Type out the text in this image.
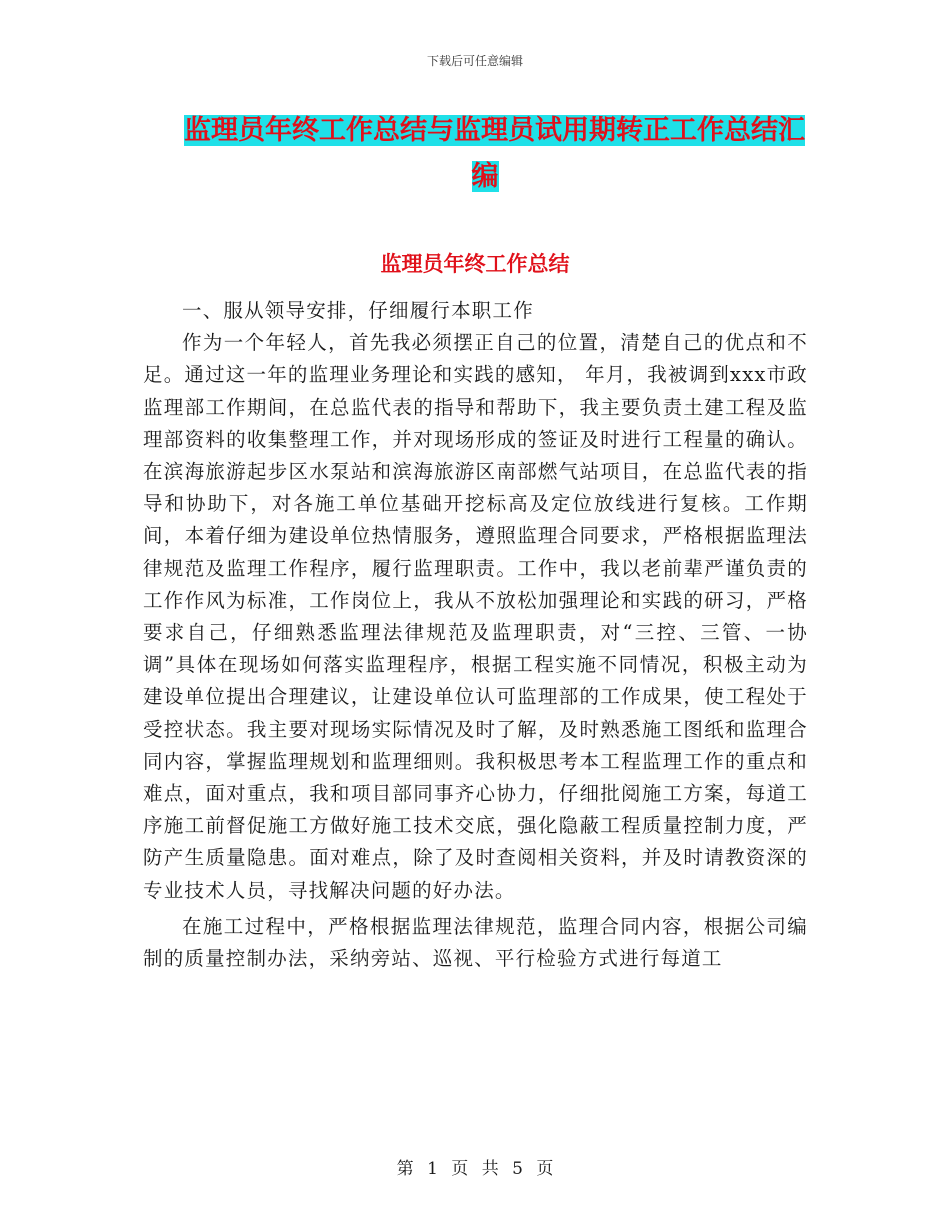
下载后可任意编辑
监理员年终工作总结与监理员试用期转正工作总结汇
编
监理员年终工作总结

一、服从领导安排，仔细履行本职工作

作为一个年轻人，首先我必须摆正自己的位置，清楚自己的优点和不足。通过这一年的监理业务理论和实践的感知， 年月，我被调到xxx市政监理部工作期间，在总监代表的指导和帮助下，我主要负责土建工程及监理部资料的收集整理工作，并对现场形成的签证及时进行工程量的确认。在滨海旅游起步区水泵站和滨海旅游区南部燃气站项目，在总监代表的指导和协助下，对各施工单位基础开挖标高及定位放线进行复核。工作期间，本着仔细为建设单位热情服务，遵照监理合同要求，严格根据监理法律规范及监理工作程序，履行监理职责。工作中，我以老前辈严谨负责的工作作风为标准，工作岗位上，我从不放松加强理论和实践的研习，严格要求自己，仔细熟悉监理法律规范及监理职责，对“三控、三管、一协调”具体在现场如何落实监理程序，根据工程实施不同情况，积极主动为建设单位提出合理建议，让建设单位认可监理部的工作成果，使工程处于受控状态。我主要对现场实际情况及时了解，及时熟悉施工图纸和监理合同内容，掌握监理规划和监理细则。我积极思考本工程监理工作的重点和难点，面对重点，我和项目部同事齐心协力，仔细批阅施工方案，每道工序施工前督促施工方做好施工技术交底，强化隐蔽工程质量控制力度，严防产生质量隐患。面对难点，除了及时查阅相关资料，并及时请教资深的专业技术人员，寻找解决问题的好办法。

在施工过程中，严格根据监理法律规范，监理合同内容，根据公司编制的质量控制办法，采纳旁站、巡视、平行检验方式进行每道工

第 1 页 共 5 页
